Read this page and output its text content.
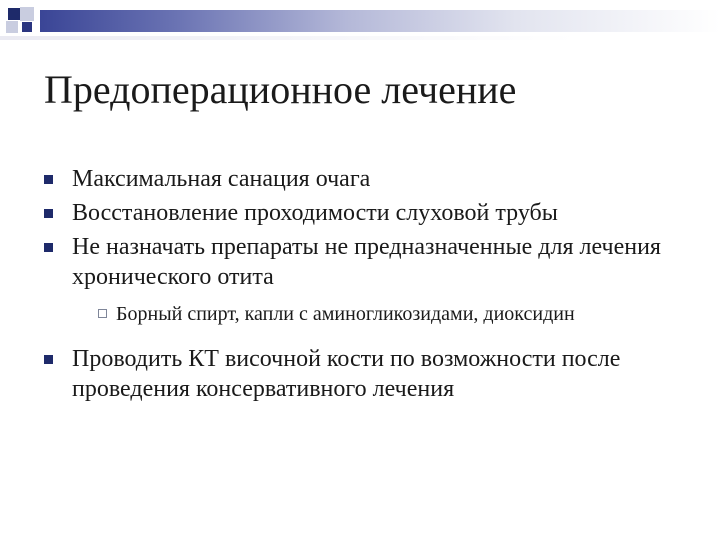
Предоперационное лечение
Максимальная санация очага
Восстановление проходимости слуховой трубы
Не назначать препараты не предназначенные для лечения хронического отита
Борный спирт, капли с аминогликозидами, диоксидин
Проводить КТ височной кости по возможности после проведения консервативного лечения
